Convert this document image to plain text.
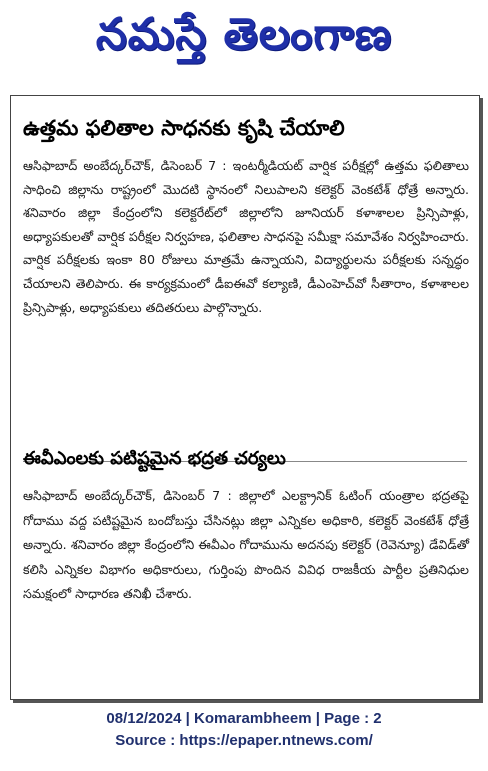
నమస్తే తెలంగాణ
ఉత్తమ ఫలితాల సాధనకు కృషి చేయాలి
ఆసిఫాబాద్ అంబేద్కర్‌చౌక్, డిసెంబర్ 7 : ఇంటర్మీడియట్ వార్షిక పరీక్షల్లో ఉత్తమ ఫలితాలు సాధించి జిల్లాను రాష్ట్రంలో మొదటి స్థానంలో నిలుపాలని కలెక్టర్ వెంకటేశ్ ధోత్రే అన్నారు. శనివారం జిల్లా కేంద్రంలోని కలెక్టరేట్‌లో జిల్లాలోని జూనియర్ కళాశాలల ప్రిన్సిపాళ్లు, అధ్యాపకులతో వార్షిక పరీక్షల నిర్వహణ, ఫలితాల సాధనపై సమీక్షా సమావేశం నిర్వహించారు. వార్షిక పరీక్షలకు ఇంకా 80 రోజులు మాత్రమే ఉన్నాయని, విద్యార్థులను పరీక్షలకు సన్నద్ధం చేయాలని తెలిపారు. ఈ కార్యక్రమంలో డీఐఈవో కల్యాణి, డీఎంహెచ్‌వో సీతారాం, కళాశాలల ప్రిన్సిపాళ్లు, అధ్యాపకులు తదితరులు పాల్గొన్నారు.
ఈవీఎంలకు పటిష్టమైన భద్రత చర్యలు
ఆసిఫాబాద్ అంబేద్కర్‌చౌక్, డిసెంబర్ 7 : జిల్లాలో ఎలక్ట్రానిక్ ఓటింగ్ యంత్రాల భద్రతపై గోదాము వద్ద పటిష్టమైన బందోబస్తు చేసినట్లు జిల్లా ఎన్నికల అధికారి, కలెక్టర్ వెంకటేశ్ ధోత్రే అన్నారు. శనివారం జిల్లా కేంద్రంలోని ఈవీఎం గోదామును అదనపు కలెక్టర్ (రెవెన్యూ) డేవిడ్‌తో కలిసి ఎన్నికల విభాగం అధికారులు, గుర్తింపు పొందిన వివిధ రాజకీయ పార్టీల ప్రతినిధుల సమక్షంలో సాధారణ తనిఖీ చేశారు.
08/12/2024 | Komarambheem | Page : 2
Source : https://epaper.ntnews.com/
